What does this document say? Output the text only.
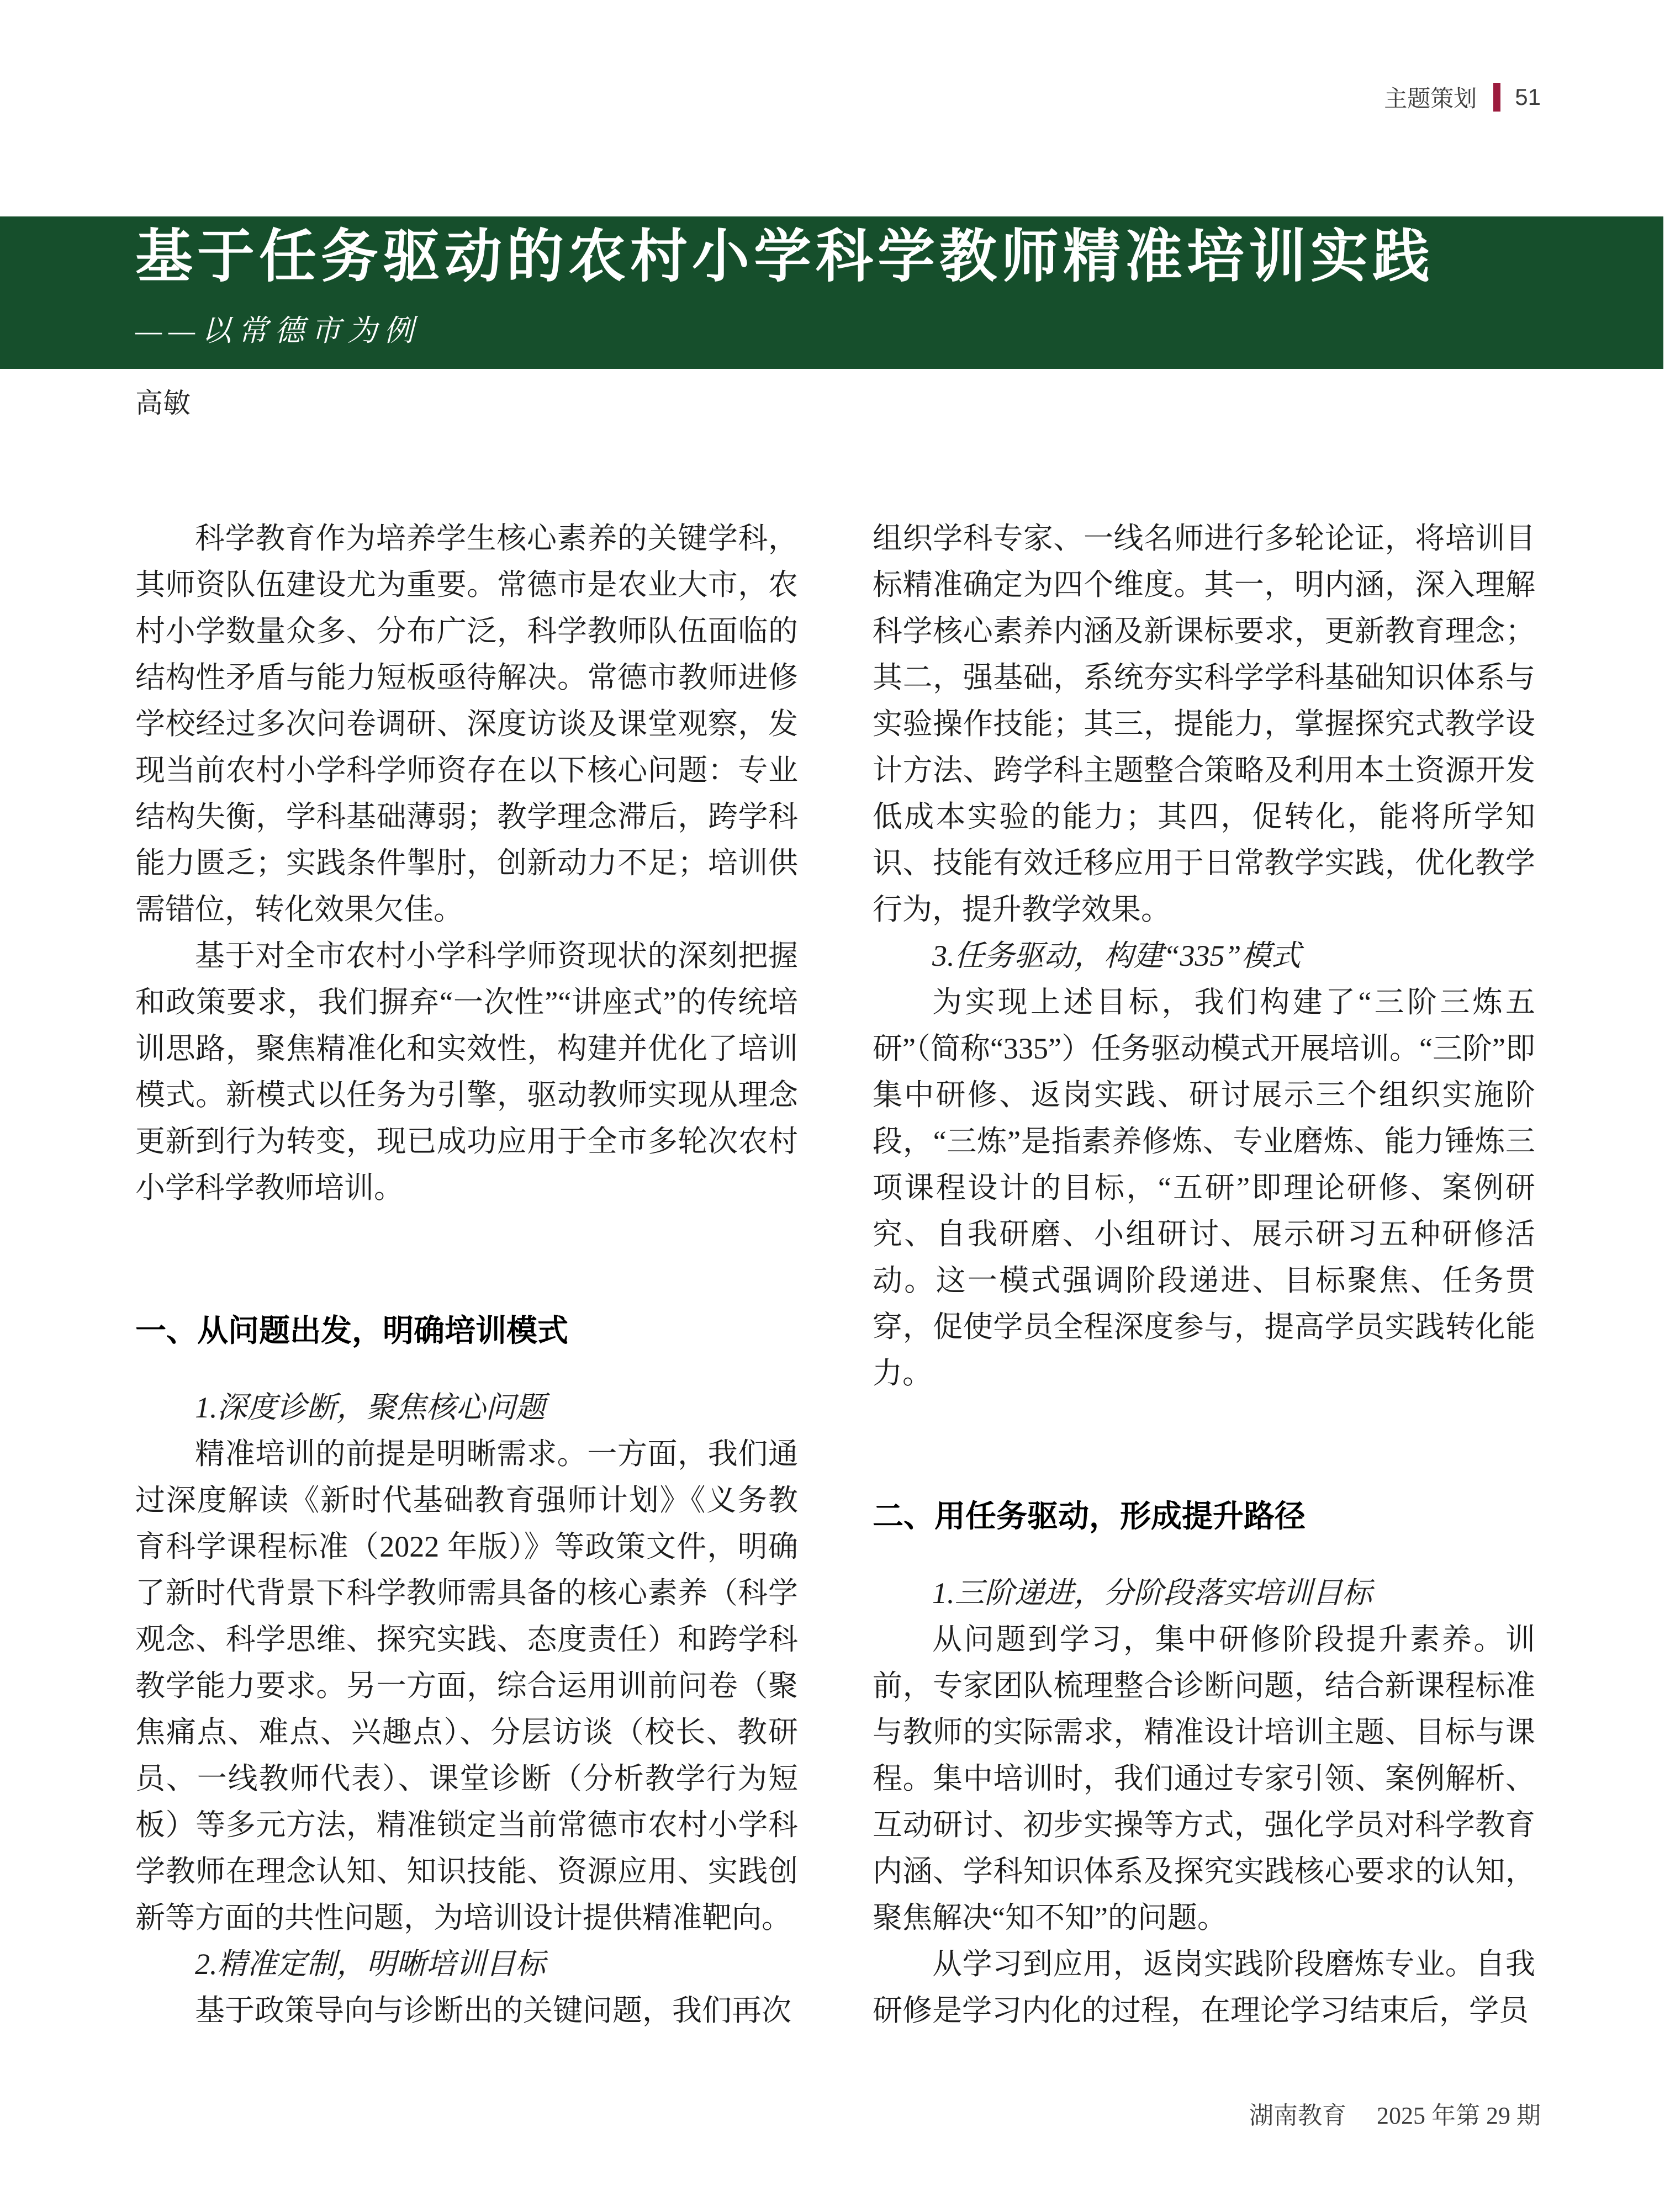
主题策划 51
基于任务驱动的农村小学科学教师精准培训实践
——以常德市为例
高敏
科学教育作为培养学生核心素养的关键学科，其师资队伍建设尤为重要。常德市是农业大市，农村小学数量众多、分布广泛，科学教师队伍面临的结构性矛盾与能力短板亟待解决。常德市教师进修学校经过多次问卷调研、深度访谈及课堂观察，发现当前农村小学科学师资存在以下核心问题：专业结构失衡，学科基础薄弱；教学理念滞后，跨学科能力匮乏；实践条件掣肘，创新动力不足；培训供需错位，转化效果欠佳。
基于对全市农村小学科学师资现状的深刻把握和政策要求，我们摒弃“一次性”“讲座式”的传统培训思路，聚焦精准化和实效性，构建并优化了培训模式。新模式以任务为引擎，驱动教师实现从理念更新到行为转变，现已成功应用于全市多轮次农村小学科学教师培训。
一、从问题出发，明确培训模式
1.深度诊断，聚焦核心问题
精准培训的前提是明晰需求。一方面，我们通过深度解读《新时代基础教育强师计划》《义务教育科学课程标准（2022 年版）》等政策文件，明确了新时代背景下科学教师需具备的核心素养（科学观念、科学思维、探究实践、态度责任）和跨学科教学能力要求。另一方面，综合运用训前问卷（聚焦痛点、难点、兴趣点）、分层访谈（校长、教研员、一线教师代表）、课堂诊断（分析教学行为短板）等多元方法，精准锁定当前常德市农村小学科学教师在理念认知、知识技能、资源应用、实践创新等方面的共性问题，为培训设计提供精准靶向。
2.精准定制，明晰培训目标
基于政策导向与诊断出的关键问题，我们再次
组织学科专家、一线名师进行多轮论证，将培训目标精准确定为四个维度。其一，明内涵，深入理解科学核心素养内涵及新课标要求，更新教育理念；其二，强基础，系统夯实科学学科基础知识体系与实验操作技能；其三，提能力，掌握探究式教学设计方法、跨学科主题整合策略及利用本土资源开发低成本实验的能力；其四，促转化，能将所学知识、技能有效迁移应用于日常教学实践，优化教学行为，提升教学效果。
3.任务驱动，构建“335”模式
为实现上述目标，我们构建了“三阶三炼五研”（简称“335”）任务驱动模式开展培训。“三阶”即集中研修、返岗实践、研讨展示三个组织实施阶段，“三炼”是指素养修炼、专业磨炼、能力锤炼三项课程设计的目标，“五研”即理论研修、案例研究、自我研磨、小组研讨、展示研习五种研修活动。这一模式强调阶段递进、目标聚焦、任务贯穿，促使学员全程深度参与，提高学员实践转化能力。
二、用任务驱动，形成提升路径
1.三阶递进，分阶段落实培训目标
从问题到学习，集中研修阶段提升素养。训前，专家团队梳理整合诊断问题，结合新课程标准与教师的实际需求，精准设计培训主题、目标与课程。集中培训时，我们通过专家引领、案例解析、互动研讨、初步实操等方式，强化学员对科学教育内涵、学科知识体系及探究实践核心要求的认知，聚焦解决“知不知”的问题。
从学习到应用，返岗实践阶段磨炼专业。自我研修是学习内化的过程，在理论学习结束后，学员
湖南教育 2025 年第 29 期
